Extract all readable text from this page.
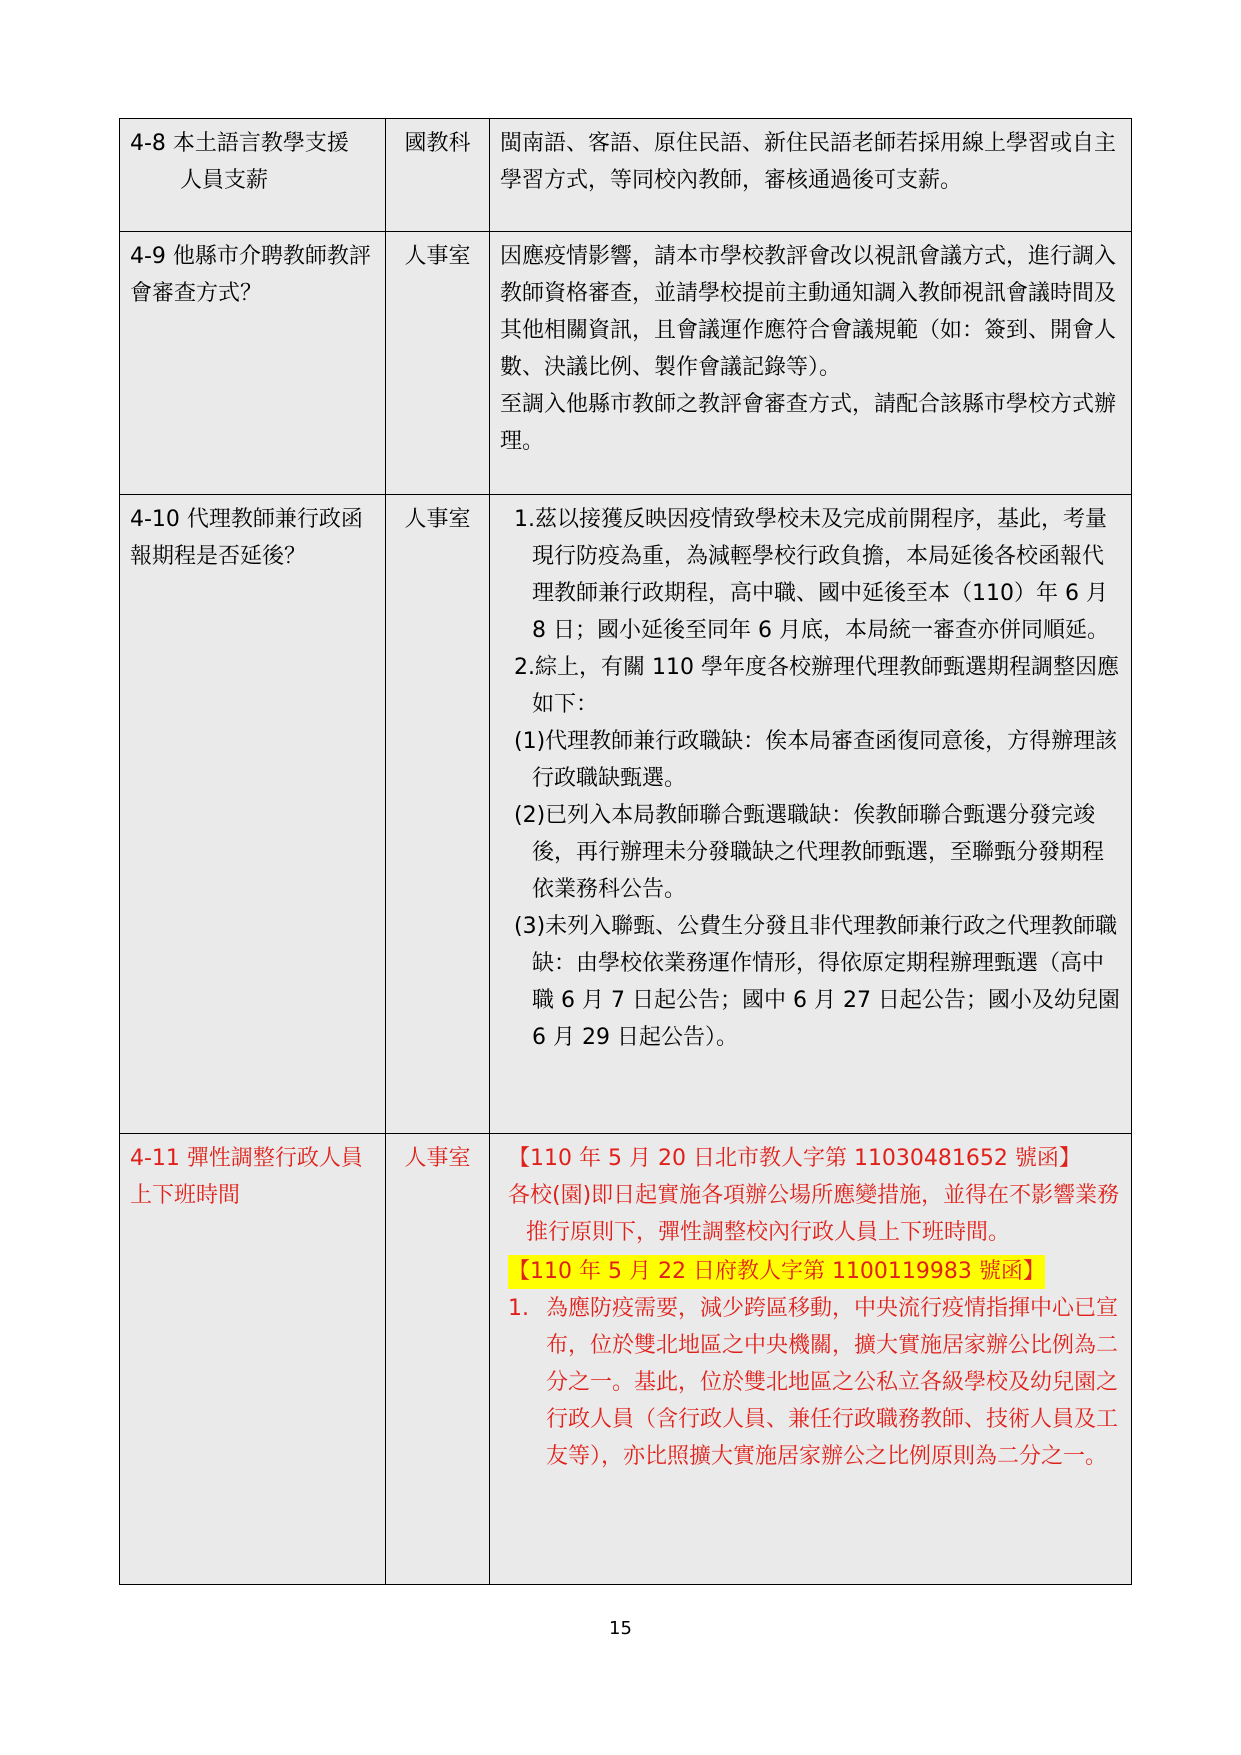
4-8 本土語言教學支援
人員支薪	國教科	閩南語、客語、原住民語、新住民語老師若採用線上學習或自主學習方式，等同校內教師，審核通過後可支薪。

4-9 他縣市介聘教師教評會審查方式？	人事室	因應疫情影響，請本市學校教評會改以視訊會議方式，進行調入教師資格審查，並請學校提前主動通知調入教師視訊會議時間及其他相關資訊，且會議運作應符合會議規範（如：簽到、開會人數、決議比例、製作會議記錄等）。

至調入他縣市教師之教評會審查方式，請配合該縣市學校方式辦理。

4-10 代理教師兼行政函報期程是否延後？	人事室	1.茲以接獲反映因疫情致學校未及完成前開程序，基此，考量現行防疫為重，為減輕學校行政負擔，本局延後各校函報代理教師兼行政期程，高中職、國中延後至本（110）年 6 月 8 日；國小延後至同年 6 月底，本局統一審查亦併同順延。

2.綜上，有關 110 學年度各校辦理代理教師甄選期程調整因應如下：

(1)代理教師兼行政職缺：俟本局審查函復同意後，方得辦理該行政職缺甄選。

(2)已列入本局教師聯合甄選職缺：俟教師聯合甄選分發完竣後，再行辦理未分發職缺之代理教師甄選，至聯甄分發期程依業務科公告。

(3)未列入聯甄、公費生分發且非代理教師兼行政之代理教師職缺：由學校依業務運作情形，得依原定期程辦理甄選（高中職 6 月 7 日起公告；國中 6 月 27 日起公告；國小及幼兒園 6 月 29 日起公告）。

4-11 彈性調整行政人員上下班時間	人事室	【110 年 5 月 20 日北市教人字第 11030481652 號函】

各校(園)即日起實施各項辦公場所應變措施，並得在不影響業務推行原則下，彈性調整校內行政人員上下班時間。

【110 年 5 月 22 日府教人字第 1100119983 號函】

1. 為應防疫需要，減少跨區移動，中央流行疫情指揮中心已宣布，位於雙北地區之中央機關，擴大實施居家辦公比例為二分之一。基此，位於雙北地區之公私立各級學校及幼兒園之行政人員（含行政人員、兼任行政職務教師、技術人員及工友等），亦比照擴大實施居家辦公之比例原則為二分之一。
15
